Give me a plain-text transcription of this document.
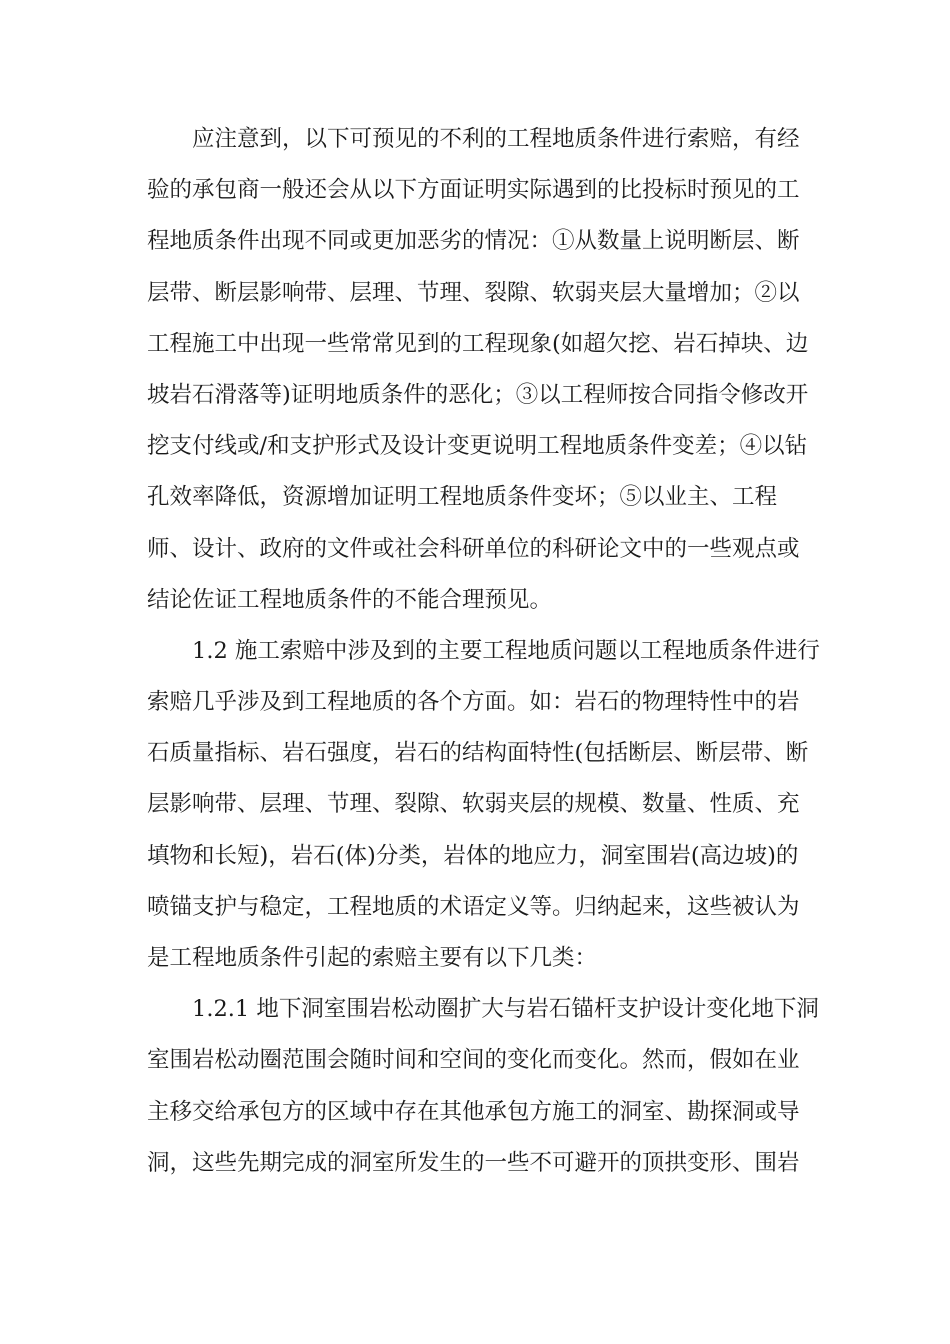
应注意到，以下可预见的不利的工程地质条件进行索赔，有经
验的承包商一般还会从以下方面证明实际遇到的比投标时预见的工
程地质条件出现不同或更加恶劣的情况：①从数量上说明断层、断
层带、断层影响带、层理、节理、裂隙、软弱夹层大量增加；②以
工程施工中出现一些常常见到的工程现象(如超欠挖、岩石掉块、边
坡岩石滑落等)证明地质条件的恶化；③以工程师按合同指令修改开
挖支付线或/和支护形式及设计变更说明工程地质条件变差；④以钻
孔效率降低，资源增加证明工程地质条件变坏；⑤以业主、工程
师、设计、政府的文件或社会科研单位的科研论文中的一些观点或
结论佐证工程地质条件的不能合理预见。

1.2 施工索赔中涉及到的主要工程地质问题以工程地质条件进行
索赔几乎涉及到工程地质的各个方面。如：岩石的物理特性中的岩
石质量指标、岩石强度，岩石的结构面特性(包括断层、断层带、断
层影响带、层理、节理、裂隙、软弱夹层的规模、数量、性质、充
填物和长短)，岩石(体)分类，岩体的地应力，洞室围岩(高边坡)的
喷锚支护与稳定，工程地质的术语定义等。归纳起来，这些被认为
是工程地质条件引起的索赔主要有以下几类：

1.2.1 地下洞室围岩松动圈扩大与岩石锚杆支护设计变化地下洞
室围岩松动圈范围会随时间和空间的变化而变化。然而，假如在业
主移交给承包方的区域中存在其他承包方施工的洞室、勘探洞或导
洞，这些先期完成的洞室所发生的一些不可避开的顶拱变形、围岩
